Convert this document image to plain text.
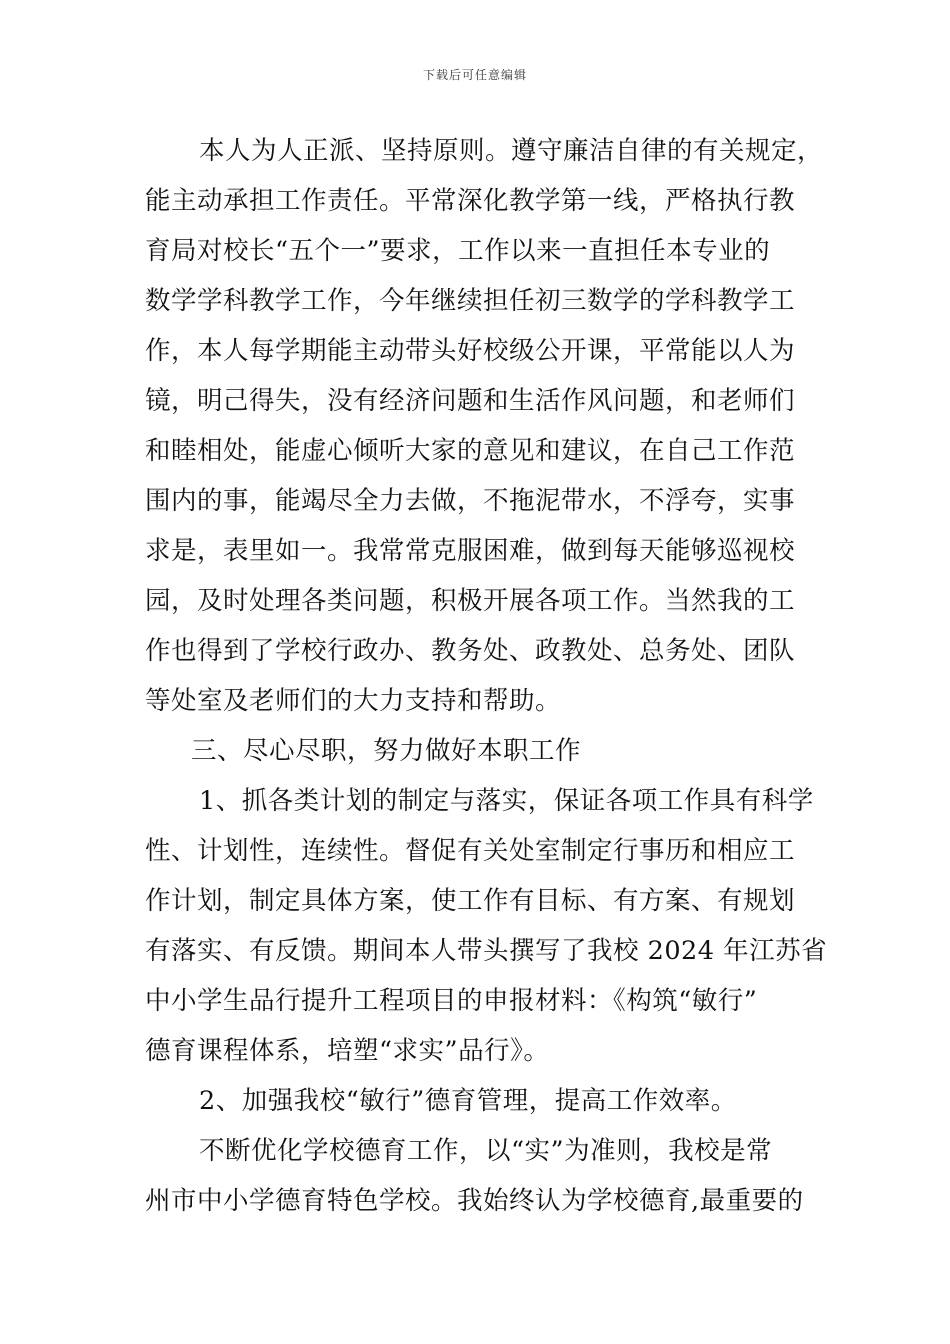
下载后可任意编辑
本人为人正派、坚持原则。遵守廉洁自律的有关规定，
能主动承担工作责任。平常深化教学第一线，严格执行教
育局对校长“五个一”要求，工作以来一直担任本专业的
数学学科教学工作，今年继续担任初三数学的学科教学工
作，本人每学期能主动带头好校级公开课，平常能以人为
镜，明己得失，没有经济问题和生活作风问题，和老师们
和睦相处，能虚心倾听大家的意见和建议，在自己工作范
围内的事，能竭尽全力去做，不拖泥带水，不浮夸，实事
求是，表里如一。我常常克服困难，做到每天能够巡视校
园，及时处理各类问题，积极开展各项工作。当然我的工
作也得到了学校行政办、教务处、政教处、总务处、团队
等处室及老师们的大力支持和帮助。
三、尽心尽职，努力做好本职工作
1、抓各类计划的制定与落实，保证各项工作具有科学
性、计划性，连续性。督促有关处室制定行事历和相应工
作计划，制定具体方案，使工作有目标、有方案、有规划
有落实、有反馈。期间本人带头撰写了我校 2024 年江苏省
中小学生品行提升工程项目的申报材料：《构筑“敏行”
德育课程体系，培塑“求实”品行》。
2、加强我校“敏行”德育管理，提高工作效率。
不断优化学校德育工作，以“实”为准则，我校是常
州市中小学德育特色学校。我始终认为学校德育,最重要的
